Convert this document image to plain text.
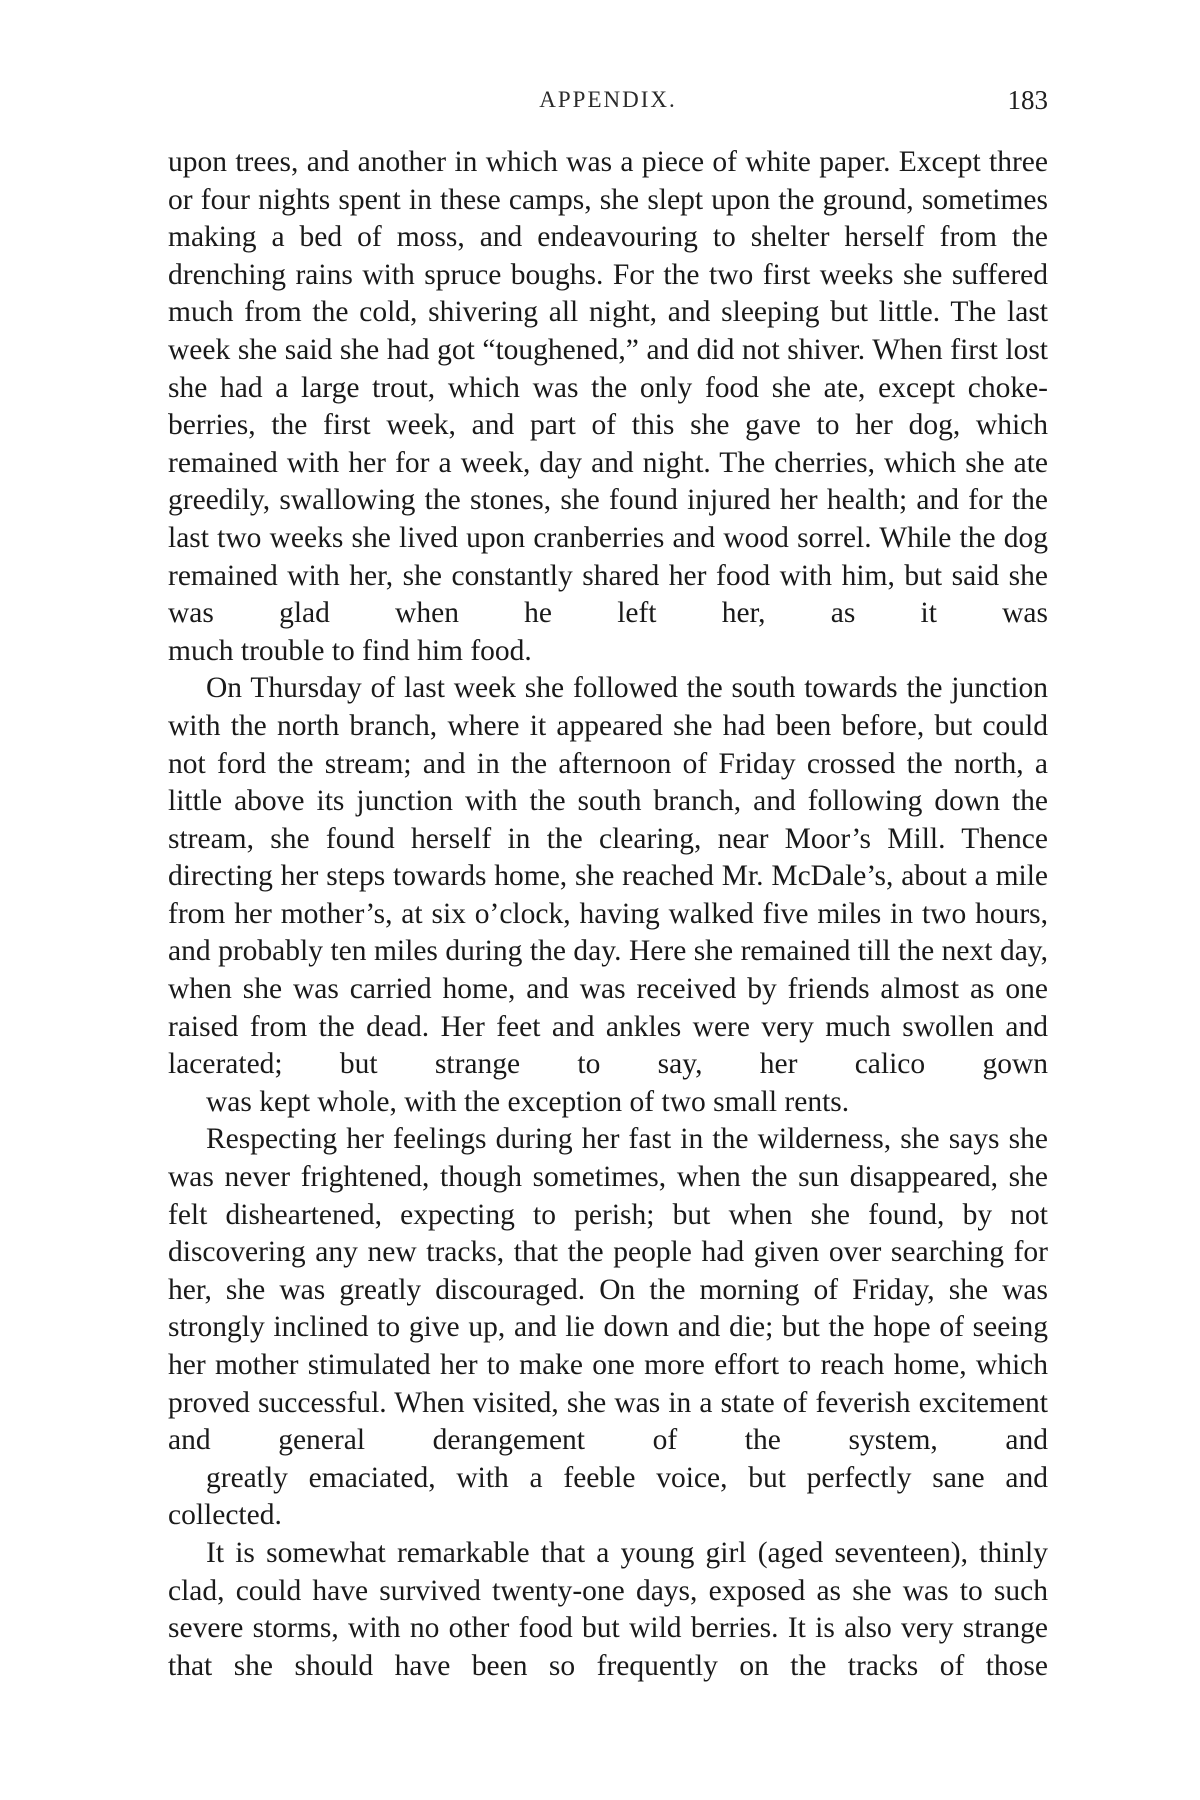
APPENDIX.	183

upon trees, and another in which was a piece of white paper. Except three or four nights spent in these camps, she slept upon the ground, sometimes making a bed of moss, and endeavouring to shelter herself from the drenching rains with spruce boughs. For the two first weeks she suffered much from the cold, shivering all night, and sleeping but little. The last week she said she had got “toughened,” and did not shiver. When first lost she had a large trout, which was the only food she ate, except choke-berries, the first week, and part of this she gave to her dog, which remained with her for a week, day and night. The cherries, which she ate greedily, swallowing the stones, she found injured her health; and for the last two weeks she lived upon cranberries and wood sorrel. While the dog remained with her, she constantly shared her food with him, but said she was glad when he left her, as it was
much trouble to find him food.

On Thursday of last week she followed the south towards the junction with the north branch, where it appeared she had been before, but could not ford the stream; and in the afternoon of Friday crossed the north, a little above its junction with the south branch, and following down the stream, she found herself in the clearing, near Moor’s Mill. Thence directing her steps towards home, she reached Mr. McDale’s, about a mile from her mother’s, at six o’clock, having walked five miles in two hours, and probably ten miles during the day. Here she remained till the next day, when she was carried home, and was received by friends almost as one raised from the dead. Her feet and ankles were very much swollen and lacerated; but strange to say, her calico gown
was kept whole, with the exception of two small rents.

Respecting her feelings during her fast in the wilderness, she says she was never frightened, though sometimes, when the sun disappeared, she felt disheartened, expecting to perish; but when she found, by not discovering any new tracks, that the people had given over searching for her, she was greatly discouraged. On the morning of Friday, she was strongly inclined to give up, and lie down and die; but the hope of seeing her mother stimulated her to make one more effort to reach home, which proved successful. When visited, she was in a state of feverish excitement and general derangement of the system, and
greatly emaciated, with a feeble voice, but perfectly sane and collected.

It is somewhat remarkable that a young girl (aged seventeen), thinly clad, could have survived twenty-one days, exposed as she was to such severe storms, with no other food but wild berries. It is also very strange that she should have been so frequently on the tracks of those
